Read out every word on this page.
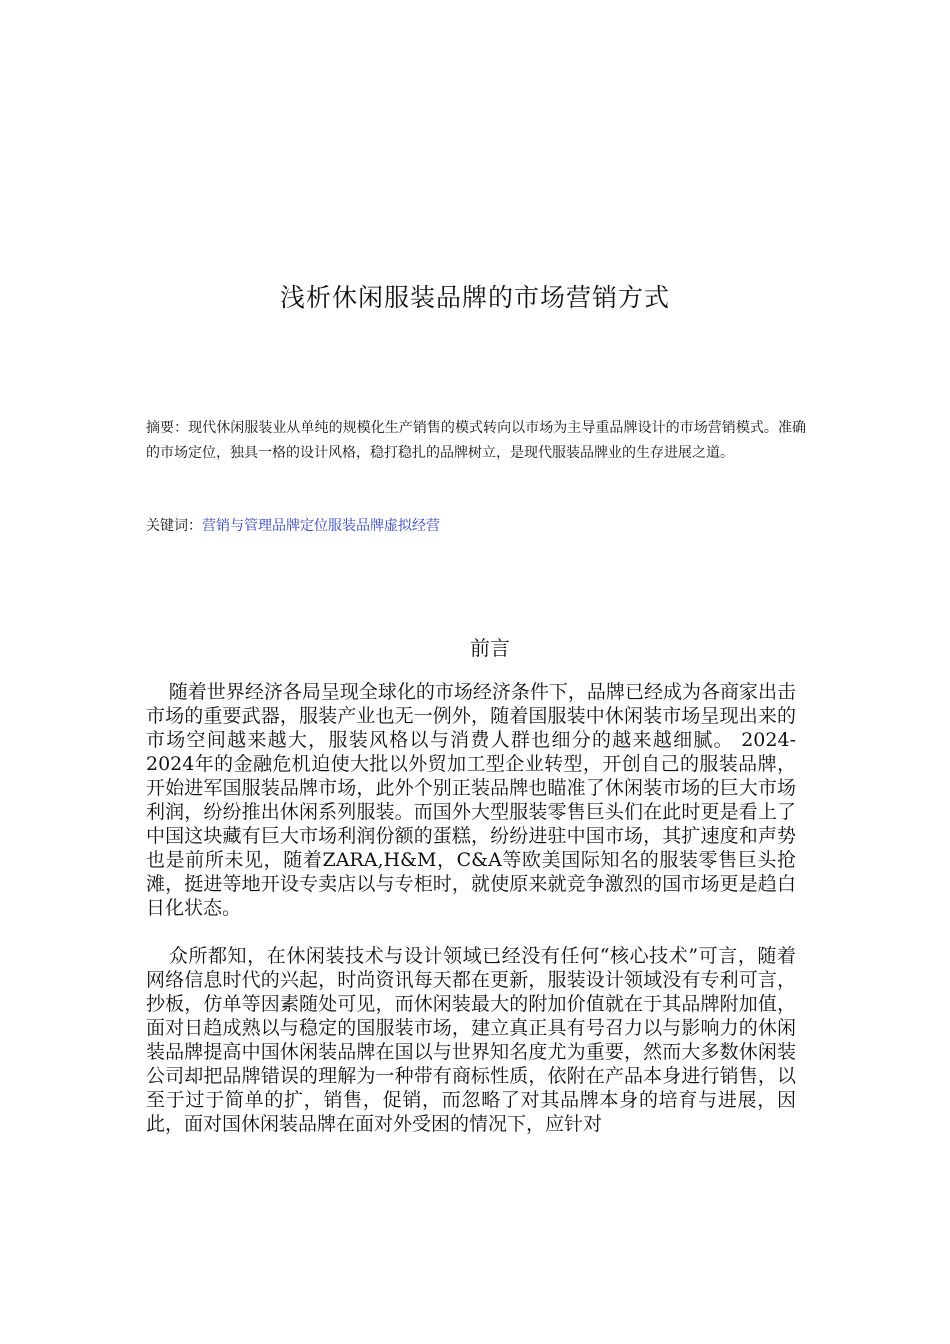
浅析休闲服装品牌的市场营销方式
摘要：现代休闲服装业从单纯的规模化生产销售的模式转向以市场为主导重品牌设计的市场营销模式。准确的市场定位，独具一格的设计风格，稳打稳扎的品牌树立，是现代服装品牌业的生存进展之道。
关键词：营销与管理品牌定位服装品牌虚拟经营
前言

随着世界经济各局呈现全球化的市场经济条件下，品牌已经成为各商家出击市场的重要武器，服装产业也无一例外，随着国服装中休闲装市场呈现出来的市场空间越来越大，服装风格以与消费人群也细分的越来越细腻。 2024-2024年的金融危机迫使大批以外贸加工型企业转型，开创自己的服装品牌，开始进军国服装品牌市场，此外个别正装品牌也瞄准了休闲装市场的巨大市场利润，纷纷推出休闲系列服装。而国外大型服装零售巨头们在此时更是看上了中国这块藏有巨大市场利润份额的蛋糕，纷纷进驻中国市场，其扩速度和声势也是前所未见，随着ZARA,H&M，C&A等欧美国际知名的服装零售巨头抢滩，挺进等地开设专卖店以与专柜时，就使原来就竞争激烈的国市场更是趋白日化状态。

众所都知，在休闲装技术与设计领域已经没有任何“核心技术”可言，随着网络信息时代的兴起，时尚资讯每天都在更新，服装设计领域没有专利可言，抄板，仿单等因素随处可见，而休闲装最大的附加价值就在于其品牌附加值，面对日趋成熟以与稳定的国服装市场，建立真正具有号召力以与影响力的休闲装品牌提高中国休闲装品牌在国以与世界知名度尤为重要，然而大多数休闲装公司却把品牌错误的理解为一种带有商标性质，依附在产品本身进行销售，以至于过于简单的扩，销售，促销，而忽略了对其品牌本身的培育与进展，因此，面对国休闲装品牌在面对外受困的情况下，应针对
